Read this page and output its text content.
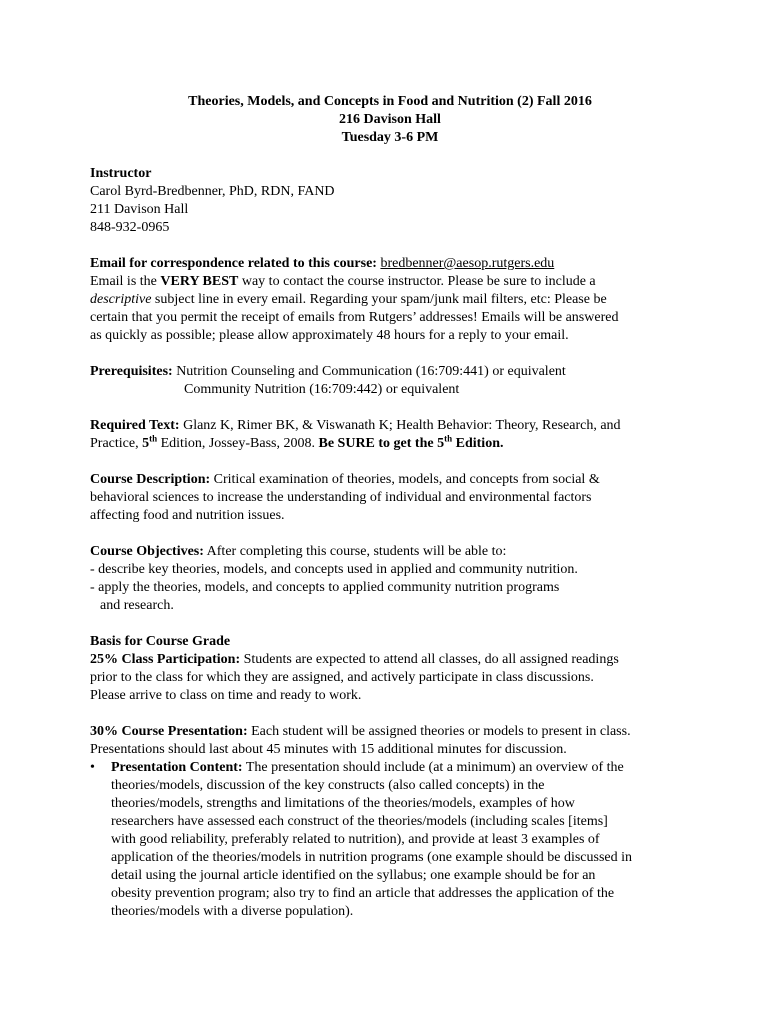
Theories, Models, and Concepts in Food and Nutrition (2) Fall 2016
216 Davison Hall
Tuesday 3-6 PM
Instructor
Carol Byrd-Bredbenner, PhD, RDN, FAND
211 Davison Hall
848-932-0965
Email for correspondence related to this course: bredbenner@aesop.rutgers.edu
Email is the VERY BEST way to contact the course instructor. Please be sure to include a
descriptive subject line in every email. Regarding your spam/junk mail filters, etc: Please be
certain that you permit the receipt of emails from Rutgers’ addresses! Emails will be answered
as quickly as possible; please allow approximately 48 hours for a reply to your email.
Prerequisites: Nutrition Counseling and Communication (16:709:441) or equivalent
Community Nutrition (16:709:442) or equivalent
Required Text: Glanz K, Rimer BK, & Viswanath K; Health Behavior: Theory, Research, and
Practice, 5th Edition, Jossey-Bass, 2008. Be SURE to get the 5th Edition.
Course Description: Critical examination of theories, models, and concepts from social &
behavioral sciences to increase the understanding of individual and environmental factors
affecting food and nutrition issues.
Course Objectives: After completing this course, students will be able to:
- describe key theories, models, and concepts used in applied and community nutrition.
- apply the theories, models, and concepts to applied community nutrition programs
and research.
Basis for Course Grade
25% Class Participation: Students are expected to attend all classes, do all assigned readings
prior to the class for which they are assigned, and actively participate in class discussions.
Please arrive to class on time and ready to work.
30% Course Presentation: Each student will be assigned theories or models to present in class.
Presentations should last about 45 minutes with 15 additional minutes for discussion.
• Presentation Content: The presentation should include (at a minimum) an overview of the
theories/models, discussion of the key constructs (also called concepts) in the
theories/models, strengths and limitations of the theories/models, examples of how
researchers have assessed each construct of the theories/models (including scales [items]
with good reliability, preferably related to nutrition), and provide at least 3 examples of
application of the theories/models in nutrition programs (one example should be discussed in
detail using the journal article identified on the syllabus; one example should be for an
obesity prevention program; also try to find an article that addresses the application of the
theories/models with a diverse population).
